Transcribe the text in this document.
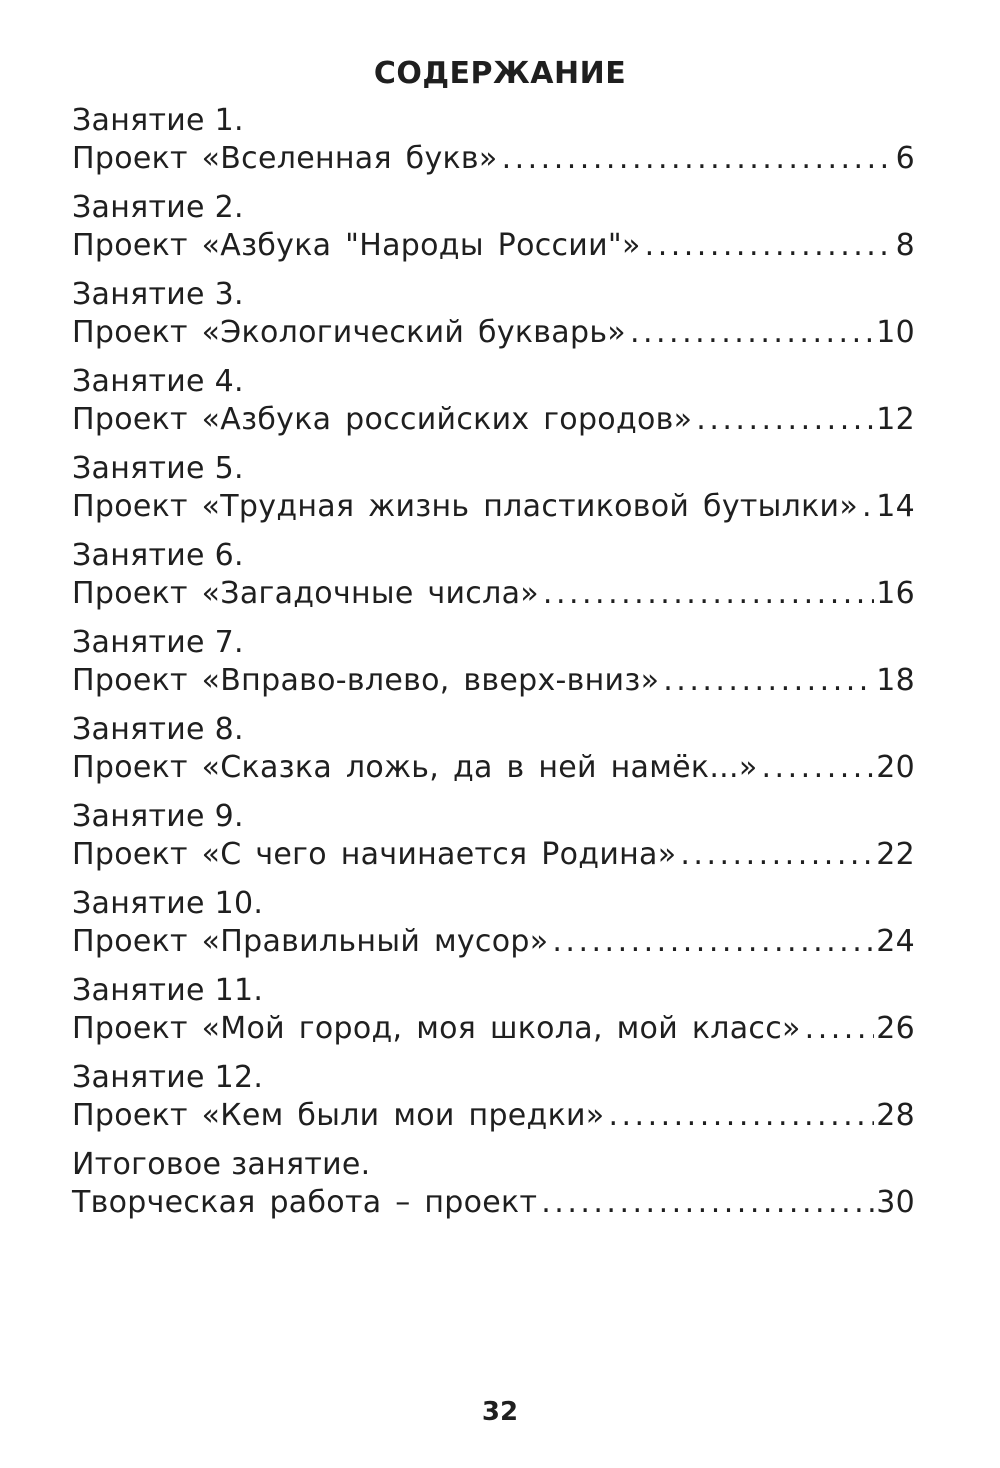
СОДЕРЖАНИЕ
Занятие 1.
Проект «Вселенная букв» .....	6
Занятие 2.
Проект «Азбука "Народы России"» .....	8
Занятие 3.
Проект «Экологический букварь» .....	10
Занятие 4.
Проект «Азбука российских городов» .....	12
Занятие 5.
Проект «Трудная жизнь пластиковой бутылки» ..... 14
Занятие 6.
Проект «Загадочные числа» .....	16
Занятие 7.
Проект «Вправо-влево, вверх-вниз» .....	18
Занятие 8.
Проект «Сказка ложь, да в ней намёк...» .....	20
Занятие 9.
Проект «С чего начинается Родина» .....	22
Занятие 10.
Проект «Правильный мусор» .....	24
Занятие 11.
Проект «Мой город, моя школа, мой класс» .....	26
Занятие 12.
Проект «Кем были мои предки» .....	28
Итоговое занятие.
Творческая работа – проект .....	30
32
